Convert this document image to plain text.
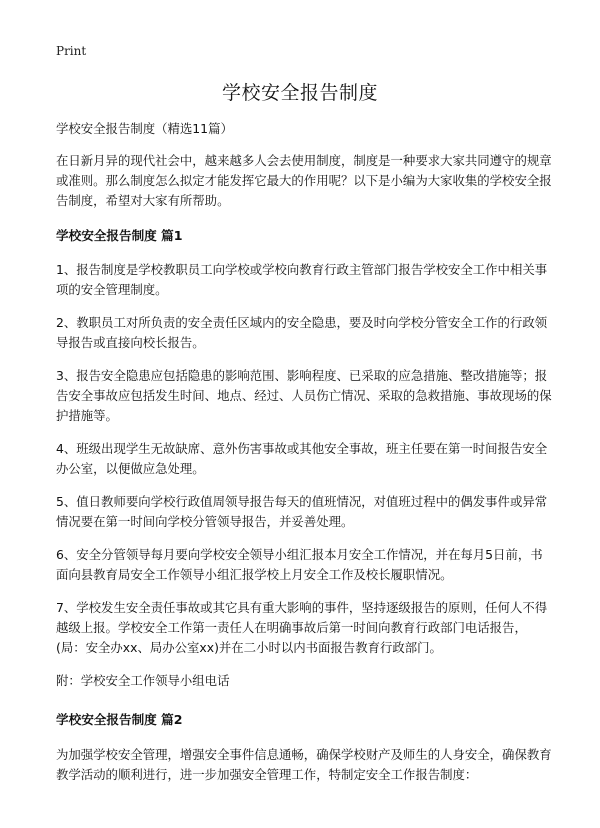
Print
学校安全报告制度

学校安全报告制度（精选11篇）

在日新月异的现代社会中，越来越多人会去使用制度，制度是一种要求大家共同遵守的规章或准则。那么制度怎么拟定才能发挥它最大的作用呢？以下是小编为大家收集的学校安全报告制度，希望对大家有所帮助。

学校安全报告制度 篇1

1、报告制度是学校教职员工向学校或学校向教育行政主管部门报告学校安全工作中相关事项的安全管理制度。

2、教职员工对所负责的安全责任区域内的安全隐患，要及时向学校分管安全工作的行政领导报告或直接向校长报告。

3、报告安全隐患应包括隐患的影响范围、影响程度、已采取的应急措施、整改措施等；报告安全事故应包括发生时间、地点、经过、人员伤亡情况、采取的急救措施、事故现场的保护措施等。

4、班级出现学生无故缺席、意外伤害事故或其他安全事故，班主任要在第一时间报告安全办公室，以便做应急处理。

5、值日教师要向学校行政值周领导报告每天的值班情况，对值班过程中的偶发事件或异常情况要在第一时间向学校分管领导报告，并妥善处理。

6、安全分管领导每月要向学校安全领导小组汇报本月安全工作情况，并在每月5日前，书面向县教育局安全工作领导小组汇报学校上月安全工作及校长履职情况。

7、学校发生安全责任事故或其它具有重大影响的事件，坚持逐级报告的原则，任何人不得越级上报。学校安全工作第一责任人在明确事故后第一时间向教育行政部门电话报告，(局：安全办xx、局办公室xx)并在二小时以内书面报告教育行政部门。

附：学校安全工作领导小组电话

学校安全报告制度 篇2

为加强学校安全管理，增强安全事件信息通畅，确保学校财产及师生的人身安全，确保教育教学活动的顺利进行，进一步加强安全管理工作，特制定安全工作报告制度：
